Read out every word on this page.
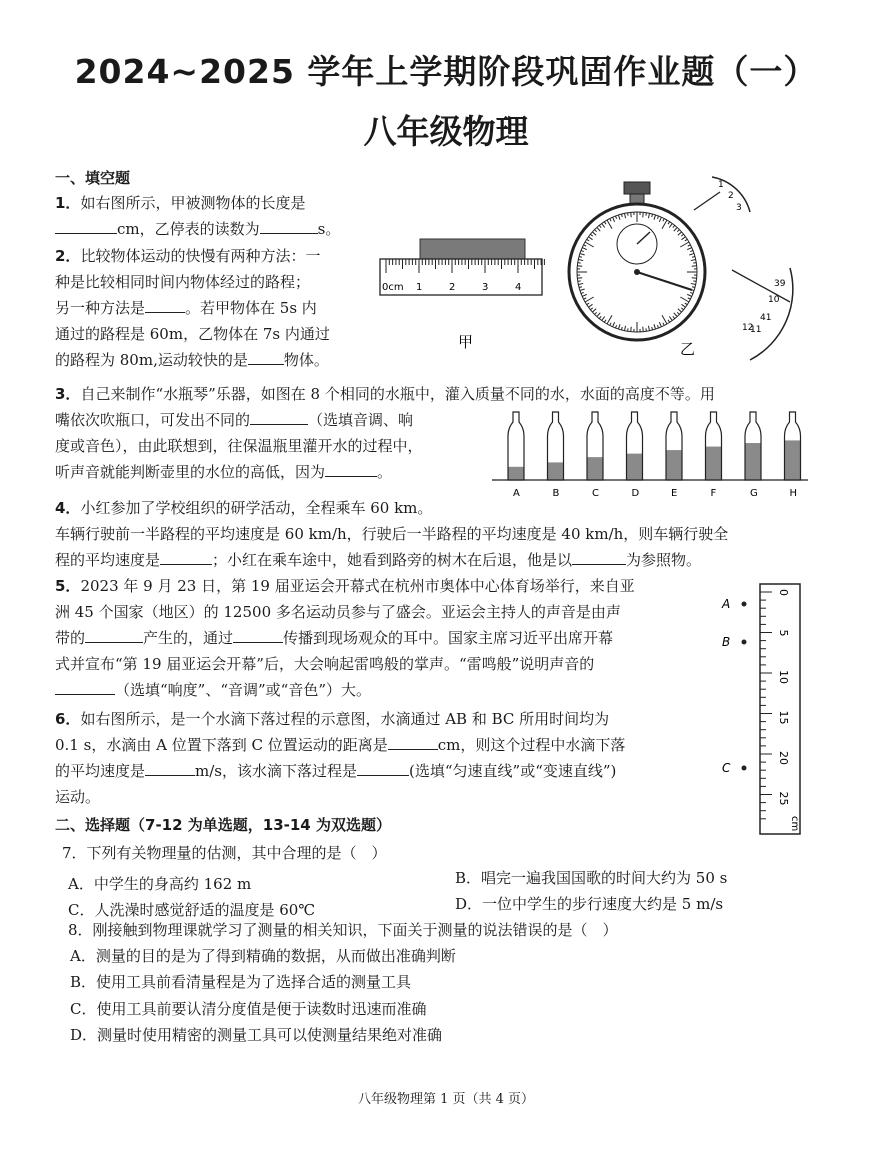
2024~2025 学年上学期阶段巩固作业题（一）
八年级物理
一、填空题
1．如右图所示，甲被测物体的长度是
cm，乙停表的读数为	s。
2．比较物体运动的快慢有两种方法：一
种是比较相同时间内物体经过的路程；
另一种方法是	。若甲物体在 5s 内
通过的路程是 60m，乙物体在 7s 内通过
的路程为 80m,运动较快的是 物体。
0cm 1	2	3	4
甲
1
2
3
39
10
41
11
12
乙
3．自己来制作“水瓶琴”乐器，如图在 8 个相同的水瓶中，灌入质量不同的水，水面的高度不等。用
嘴依次吹瓶口，可发出不同的	（选填音调、响
度或音色），由此联想到，往保温瓶里灌开水的过程中，
听声音就能判断壶里的水位的高低，因为	。
A	B	C	D	E	F	G	H
4．小红参加了学校组织的研学活动，全程乘车 60 km。
车辆行驶前一半路程的平均速度是 60 km/h，行驶后一半路程的平均速度是 40 km/h，则车辆行驶全
程的平均速度是	；小红在乘车途中，她看到路旁的树木在后退，他是以	为参照物。
5．2023 年 9 月 23 日，第 19 届亚运会开幕式在杭州市奥体中心体育场举行，来自亚
洲 45 个国家（地区）的 12500 多名运动员参与了盛会。亚运会主持人的声音是由声
带的	产生的，通过	传播到现场观众的耳中。国家主席习近平出席开幕
式并宣布“第 19 届亚运会开幕”后，大会响起雷鸣般的掌声。“雷鸣般”说明声音的
（选填“响度”、“音调”或“音色”）大。
6．如右图所示，是一个水滴下落过程的示意图，水滴通过 AB 和 BC 所用时间均为
0.1 s，水滴由 A 位置下落到 C 位置运动的距离是	cm，则这个过程中水滴下落
的平均速度是	m/s，该水滴下落过程是	(选填“匀速直线”或“变速直线”)
运动。
0
5
10
15
20
25
A
B
C
cm
二、选择题（7-12 为单选题，13-14 为双选题）
7．下列有关物理量的估测，其中合理的是（　）
A．中学生的身高约 162 m	B．唱完一遍我国国歌的时间大约为 50 s
C．人洗澡时感觉舒适的温度是 60℃	D．一位中学生的步行速度大约是 5 m/s
8．刚接触到物理课就学习了测量的相关知识，下面关于测量的说法错误的是（　）
A．测量的目的是为了得到精确的数据，从而做出准确判断
B．使用工具前看清量程是为了选择合适的测量工具
C．使用工具前要认清分度值是便于读数时迅速而准确
D．测量时使用精密的测量工具可以使测量结果绝对准确
八年级物理第 1 页（共 4 页）
